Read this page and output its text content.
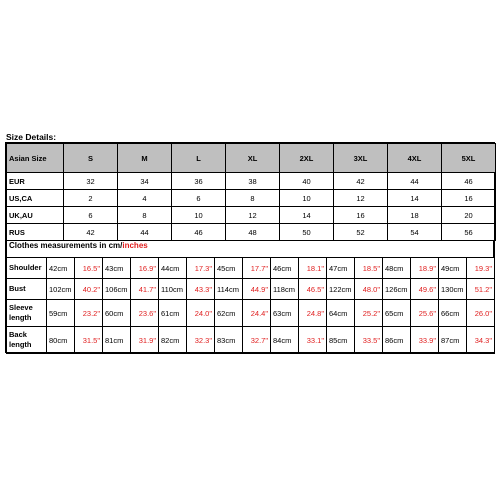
Size Details:
Asian Size	S	M	L	XL	2XL	3XL	4XL	5XL
EUR	32	34	36	38	40	42	44	46
US,CA	2	4	6	8	10	12	14	16
UK,AU	6	8	10	12	14	16	18	20
RUS	42	44	46	48	50	52	54	56
Clothes measurements in cm/inches
Shoulder	42cm	16.5"	43cm	16.9"	44cm	17.3"	45cm	17.7"	46cm	18.1"	47cm	18.5"	48cm	18.9"	49cm	19.3"
Bust	102cm	40.2"	106cm	41.7"	110cm	43.3"	114cm	44.9"	118cm	46.5"	122cm	48.0"	126cm	49.6"	130cm	51.2"
Sleeve length	59cm	23.2"	60cm	23.6"	61cm	24.0"	62cm	24.4"	63cm	24.8"	64cm	25.2"	65cm	25.6"	66cm	26.0"
Back length	80cm	31.5"	81cm	31.9"	82cm	32.3"	83cm	32.7"	84cm	33.1"	85cm	33.5"	86cm	33.9"	87cm	34.3"
